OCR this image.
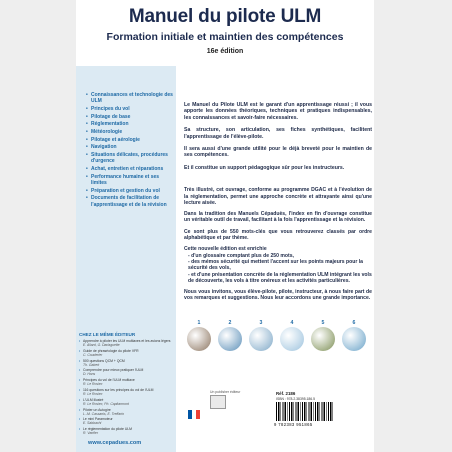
Manuel du pilote ULM
Formation initiale et maintien des compétences
16e édition
• Connaissances et technologie des ULM
• Principes du vol
• Pilotage de base
• Réglementation
• Météorologie
• Pilotage et aérologie
• Navigation
• Situations délicates, procédures d'urgence
• Achat, entretien et réparations
• Performance humaine et ses limites
• Préparation et gestion du vol
• Documents de facilitation de l'apprentissage et de la révision
CHEZ LE MÊME ÉDITEUR
• Apprendre à piloter les ULM multiaxes et les avions légers
E. Allard, G. Darlaguette
• Guide de phraséologie du pilote VFR
C. Couderier
• 500 questions QCM + QCM
Th. Gabert
• Comprendre pour mieux pratiquer l'ULM
D. Hons
• Principes du vol de l'ULM multiaxe
R. Le Rosiec
• 116 questions sur les principes du vol de l'ULM
R. Le Rosiec
• L'ULM illustré
R. Le Rosiec, Ph. Capitarmont
• Piloter un Autogire
L.-M. Cassanis, E. Treffarin
• Le mini Paramoteur
E. Sabbachi
• Le règlementation du pilote ULM
R. Vanfier
www.cepadues.com

Le Manuel du Pilote ULM est le garant d'un apprentissage réussi ; il vous apporte les données théoriques, techniques et pratiques indispensables, les connaissances et savoir-faire nécessaires.

Sa structure, son articulation, ses fiches synthétiques, facilitent l'apprentissage de l'élève-pilote.

Il sera aussi d'une grande utilité pour le déjà breveté pour le maintien de ses compétences.

Et il constitue un support pédagogique sûr pour les instructeurs.

Très illustré, cet ouvrage, conforme au programme DGAC et à l'évolution de la réglementation, permet une approche concrète et attrayante ainsi qu'une lecture aisée.

Dans la tradition des Manuels Cépaduès, l'index en fin d'ouvrage constitue un véritable outil de travail, facilitant à la fois l'apprentissage et la révision.

Ce sont plus de 550 mots-clés que vous retrouverez classés par ordre alphabétique et par thème.

Cette nouvelle édition est enrichie

- d'un glossaire comptant plus de 250 mots,
- des mémos sécurité qui mettent l'accent sur les points majeurs pour la sécurité des vols,
- et d'une présentation concrète de la réglementation ULM intégrant les vols de découverte, les vols à titre onéreux et les activités particulières.

Nous vous invitons, vous élève-pilote, pilote, instructeur, à nous faire part de vos remarques et suggestions. Nous leur accordons une grande importance.

1	2	3	4	5	6
Un publisher éditeur	Réf. 2186
ISBN : 978.2.38395.186.5
9 782383 951865
